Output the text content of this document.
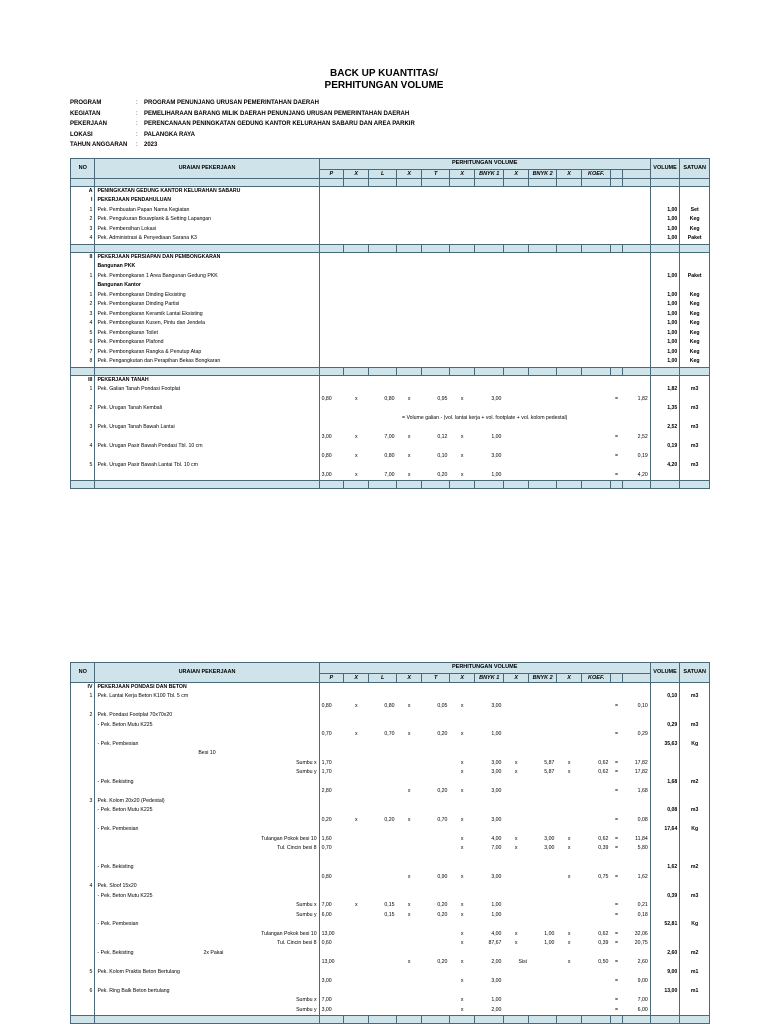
BACK UP KUANTITAS/
PERHITUNGAN VOLUME
PROGRAM	: PROGRAM PENUNJANG URUSAN PEMERINTAHAN DAERAH
KEGIATAN	: PEMELIHARAAN BARANG MILIK DAERAH PENUNJANG URUSAN PEMERINTAHAN DAERAH
PEKERJAAN	: PERENCANAAN PENINGKATAN GEDUNG KANTOR KELURAHAN SABARU DAN AREA PARKIR
LOKASI	: PALANGKA RAYA
TAHUN ANGGARAN : 2023
NO	URAIAN PEKERJAAN	PERHITUNGAN VOLUME													VOLUME	SATUAN
		P	X	L	X	T	X	BNYK 1	X	BNYK 2	X	KOEF.				

A	PENINGKATAN GEDUNG KANTOR KELURAHAN SABARU															
I	PEKERJAAN PENDAHULUAN															
1	Pek. Pembuatan Papan Nama Kegiatan														1,00	Set
2	Pek. Pengukuran Bouwplank & Setting Lapangan														1,00	Keg
3	Pek. Pembersihan Lokasi														1,00	Keg
4	Pek. Administrasi & Penyediaan Sarana K3														1,00	Paket

II	PEKERJAAN PERSIAPAN DAN PEMBONGKARAN															
	Bangunan PKK															
1	Pek. Pembongkaran 1 Area Bangunan Gedung PKK														1,00	Paket
	Bangunan Kantor															
1	Pek. Pembongkaran Dinding Eksisting														1,00	Keg
2	Pek. Pembongkaran Dinding Partisi														1,00	Keg
3	Pek. Pembongkaran Keramik Lantai Eksisting														1,00	Keg
4	Pek. Pembongkaran Kusen, Pintu dan Jendela														1,00	Keg
5	Pek. Pembongkaran Toilet														1,00	Keg
6	Pek. Pembongkaran Plafond														1,00	Keg
7	Pek. Pembongkaran Rangka & Penutup Atap														1,00	Keg
8	Pek. Pengangkutan dan Perapihan Bekas Bongkaran														1,00	Keg

III	PEKERJAAN TANAH															
1	Pek. Galian Tanah Pondasi Footplat														1,82	m3
		0,80	x	0,80	x	0,95	x	3,00					=	1,82		
2	Pek. Urugan Tanah Kembali														1,35	m3
		= Volume galian - (vol. lantai kerja + vol. footplate + vol. kolom pedestal)														
3	Pek. Urugan Tanah Bawah Lantai														2,52	m3
		3,00	x	7,00	x	0,12	x	1,00					=	2,52		
4	Pek. Urugan Pasir Bawah Pondasi Tbl. 10 cm														0,19	m3
		0,80	x	0,80	x	0,10	x	3,00					=	0,19		
5	Pek. Urugan Pasir Bawah Lantai Tbl. 10 cm														4,20	m3
		3,00	x	7,00	x	0,20	x	1,00					=	4,20		

NO	URAIAN PEKERJAAN	PERHITUNGAN VOLUME													VOLUME	SATUAN
		P	X	L	X	T	X	BNYK 1	X	BNYK 2	X	KOEF.				
IV	PEKERJAAN PONDASI DAN BETON															
1	Pek. Lantai Kerja Beton K100 Tbl. 5 cm														0,10	m3
		0,80	x	0,80	x	0,05	x	3,00					=	0,10		
2	Pek. Pondasi Footplat 70x70x20															
	- Pek. Beton Mutu K225														0,29	m3
		0,70	x	0,70	x	0,20	x	1,00					=	0,29		
	- Pek. Pembesian														35,63	Kg
	Besi 10															
	Sumbu x	1,70					x	3,00	x	5,87	x	0,62	=	17,82		
	Sumbu y	1,70					x	3,00	x	5,87	x	0,62	=	17,82		
	- Pek. Bekisting														1,68	m2
		2,80			x	0,20	x	3,00					=	1,68		
3	Pek. Kolom 20x20 (Pedestal)															
	- Pek. Beton Mutu K225														0,08	m3
		0,20	x	0,20	x	0,70	x	3,00					=	0,08		
	- Pek. Pembesian														17,64	Kg
	Tulangan Pokok besi 10	1,60					x	4,00	x	3,00	x	0,62	=	11,84		
	Tul. Cincin besi 8	0,70					x	7,00	x	3,00	x	0,39	=	5,80		

	- Pek. Bekisting														1,62	m2
		0,80			x	0,90	x	3,00			x	0,75	=	1,62		
4	Pek. Sloof 15x20															
	- Pek. Beton Mutu K225														0,39	m3
	Sumbu x	7,00	x	0,15	x	0,20	x	1,00					=	0,21		
	Sumbu y	6,00		0,15	x	0,20	x	1,00					=	0,18		
	- Pek. Pembesian														52,81	Kg
	Tulangan Pokok besi 10	13,00					x	4,00	x	1,00	x	0,62	=	32,06		
	Tul. Cincin besi 8	0,60					x	87,67	x	1,00	x	0,39	=	20,75		
	- Pek. Bekisting 2x Pakai														2,60	m2
		13,00			x	0,20	x	2,00	Sisi		x	0,50	=	2,60		
5	Pek. Kolom Praktis Beton Bertulang														9,00	m1
		3,00					x	3,00					=	9,00		
6	Pek. Ring Balk Beton bertulang														13,00	m1
	Sumbu x	7,00					x	1,00					=	7,00		
	Sumbu y	3,00					x	2,00					=	6,00		
